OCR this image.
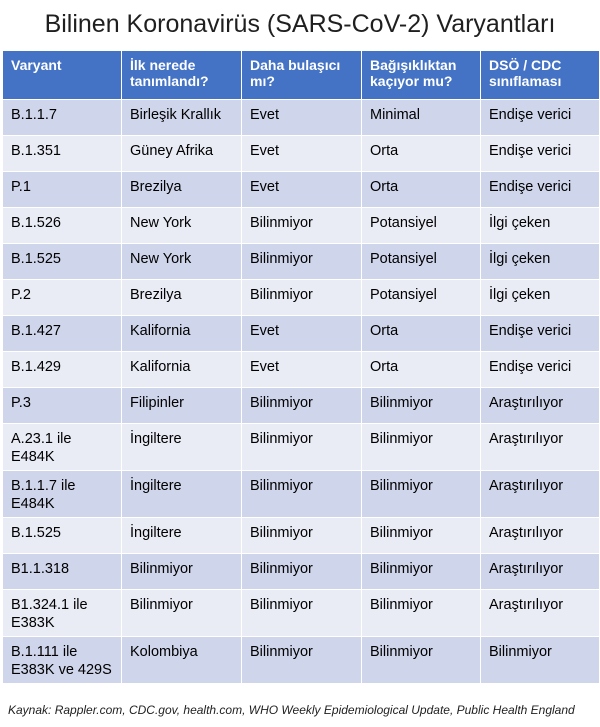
Bilinen Koronavirüs (SARS-CoV-2) Varyantları
Varyant	İlk nerede tanımlandı?	Daha bulaşıcı mı?	Bağışıklıktan kaçıyor mu?	DSÖ / CDC sınıflaması
B.1.1.7	Birleşik Krallık	Evet	Minimal	Endişe verici
B.1.351	Güney Afrika	Evet	Orta	Endişe verici
P.1	Brezilya	Evet	Orta	Endişe verici
B.1.526	New York	Bilinmiyor	Potansiyel	İlgi çeken
B.1.525	New York	Bilinmiyor	Potansiyel	İlgi çeken
P.2	Brezilya	Bilinmiyor	Potansiyel	İlgi çeken
B.1.427	Kalifornia	Evet	Orta	Endişe verici
B.1.429	Kalifornia	Evet	Orta	Endişe verici
P.3	Filipinler	Bilinmiyor	Bilinmiyor	Araştırılıyor
A.23.1 ile E484K	İngiltere	Bilinmiyor	Bilinmiyor	Araştırılıyor
B.1.1.7 ile E484K	İngiltere	Bilinmiyor	Bilinmiyor	Araştırılıyor
B.1.525	İngiltere	Bilinmiyor	Bilinmiyor	Araştırılıyor
B1.1.318	Bilinmiyor	Bilinmiyor	Bilinmiyor	Araştırılıyor
B1.324.1 ile E383K	Bilinmiyor	Bilinmiyor	Bilinmiyor	Araştırılıyor
B.1.111 ile E383K ve 429S	Kolombiya	Bilinmiyor	Bilinmiyor	Bilinmiyor
Kaynak: Rappler.com, CDC.gov, health.com, WHO Weekly Epidemiological Update, Public Health England
